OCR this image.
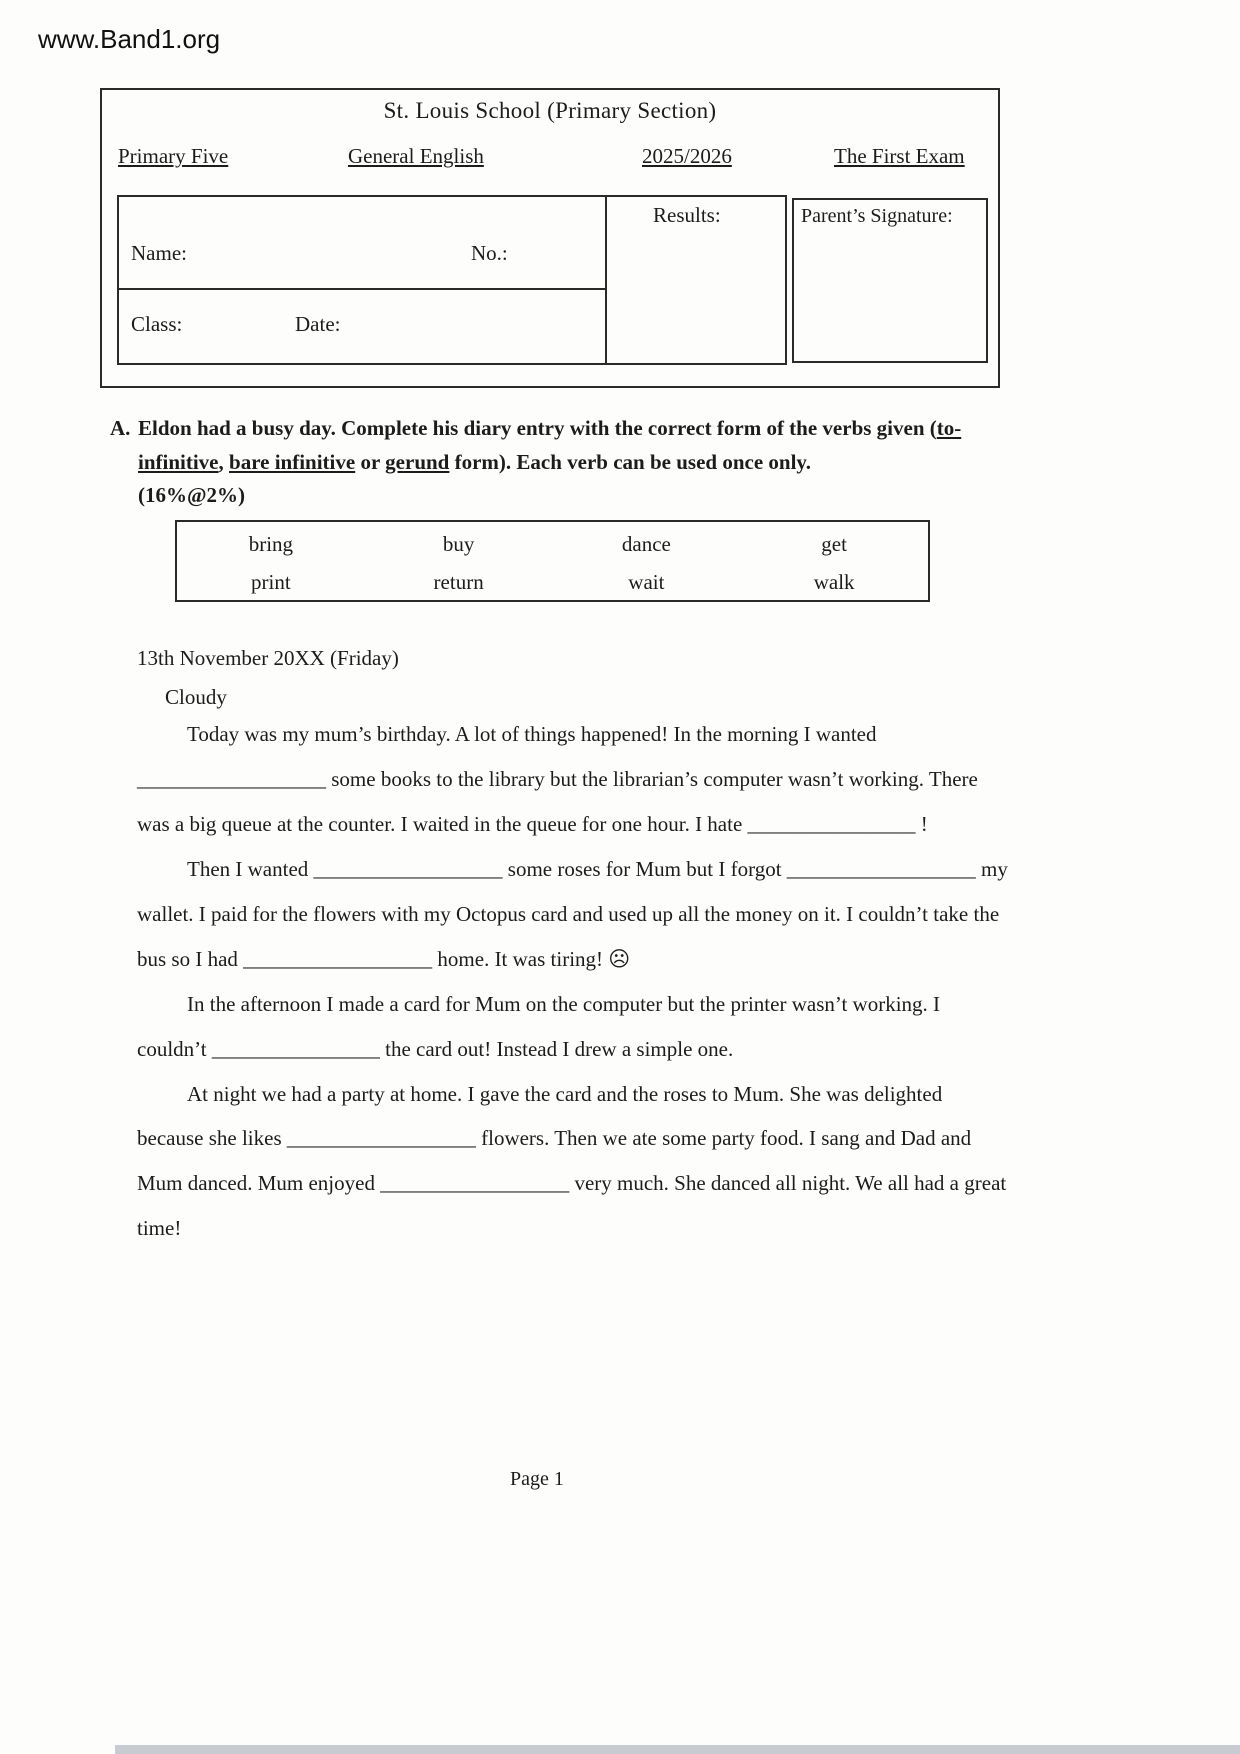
www.Band1.org
St. Louis School (Primary Section)
Primary Five	General English	2025/2026	The First Exam
Name:	No.:
Class:	Date:
Results:	Parent’s Signature:
A. Eldon had a busy day. Complete his diary entry with the correct form of the verbs given (to-infinitive, bare infinitive or gerund form). Each verb can be used once only.
(16%@2%)
bring	buy	dance	get
print	return	wait	walk
13th November 20XX (Friday)
Cloudy

Today was my mum’s birthday. A lot of things happened! In the morning I wanted __________________ some books to the library but the librarian’s computer wasn’t working. There was a big queue at the counter. I waited in the queue for one hour. I hate ________________ !

Then I wanted __________________ some roses for Mum but I forgot __________________ my wallet. I paid for the flowers with my Octopus card and used up all the money on it. I couldn’t take the bus so I had __________________ home. It was tiring! ☹

In the afternoon I made a card for Mum on the computer but the printer wasn’t working. I couldn’t ________________ the card out! Instead I drew a simple one.

At night we had a party at home. I gave the card and the roses to Mum. She was delighted because she likes __________________ flowers. Then we ate some party food. I sang and Dad and Mum danced. Mum enjoyed __________________ very much. She danced all night. We all had a great time!

Page 1
